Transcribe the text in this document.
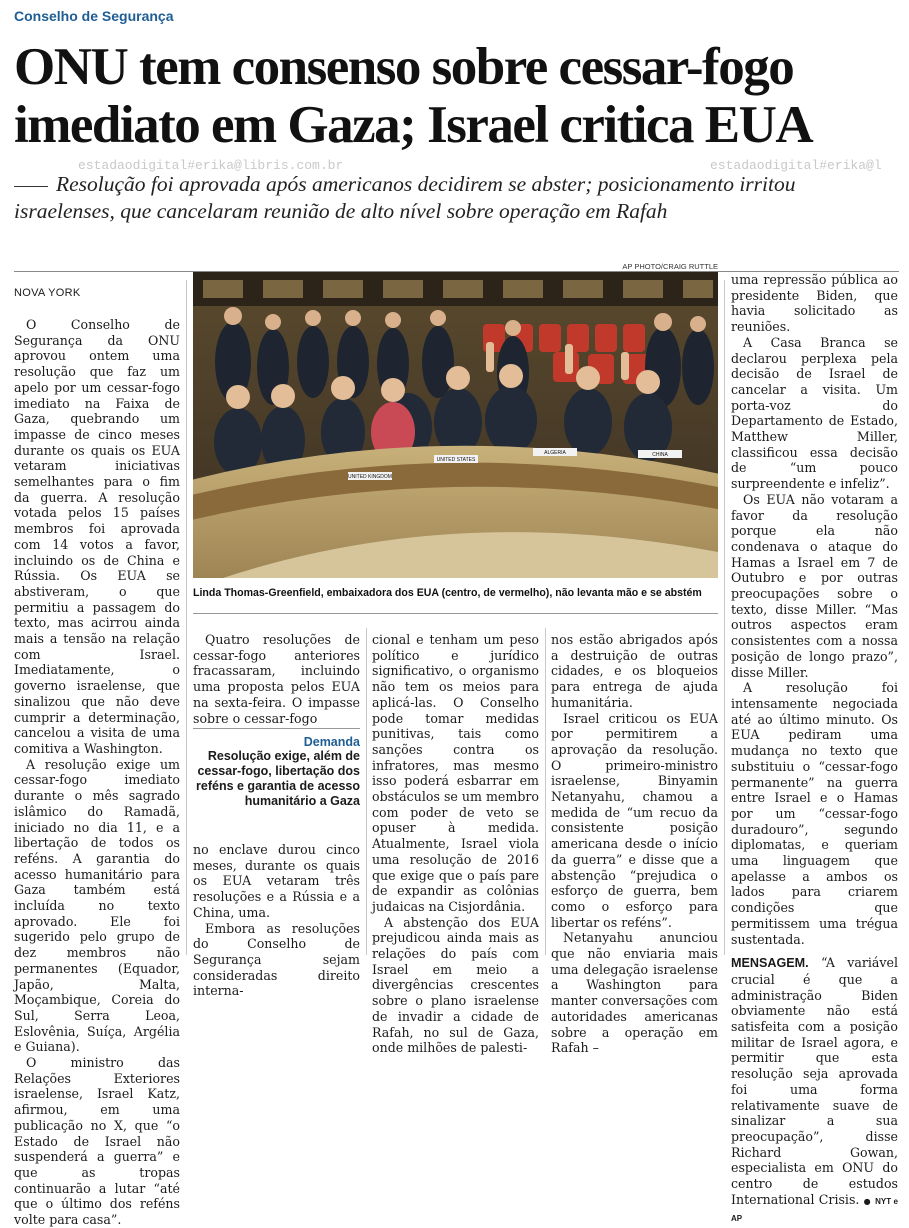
Conselho de Segurança
ONU tem consenso sobre cessar-fogo imediato em Gaza; Israel critica EUA
estadaodigital#erika@libris.com.br	estadaodigital#erika@l
Resolução foi aprovada após americanos decidirem se abster; posicionamento irritou israelenses, que cancelaram reunião de alto nível sobre operação em Rafah
NOVA YORK

O Conselho de Segurança da ONU aprovou ontem uma resolução que faz um apelo por um cessar-fogo imediato na Faixa de Gaza, quebrando um impasse de cinco meses durante os quais os EUA vetaram iniciativas semelhantes para o fim da guerra. A resolução votada pelos 15 países membros foi aprovada com 14 votos a favor, incluindo os de China e Rússia. Os EUA se abstiveram, o que permitiu a passagem do texto, mas acirrou ainda mais a tensão na relação com Israel. Imediatamente, o governo israelense, que sinalizou que não deve cumprir a determinação, cancelou a visita de uma comitiva a Washington.

A resolução exige um cessar-fogo imediato durante o mês sagrado islâmico do Ramadã, iniciado no dia 11, e a libertação de todos os reféns. A garantia do acesso humanitário para Gaza também está incluída no texto aprovado. Ele foi sugerido pelo grupo de dez membros não permanentes (Equador, Japão, Malta, Moçambique, Coreia do Sul, Serra Leoa, Eslovênia, Suíça, Argélia e Guiana).

O ministro das Relações Exteriores israelense, Israel Katz, afirmou, em uma publicação no X, que “o Estado de Israel não suspenderá a guerra” e que as tropas continuarão a lutar “até que o último dos reféns volte para casa”.

AP PHOTO/CRAIG RUTTLE
UNITED KINGDOM
UNITED STATES
ALGERIA	CHINA
Linda Thomas-Greenfield, embaixadora dos EUA (centro, de vermelho), não levanta mão e se abstém

Quatro resoluções de cessar-fogo anteriores fracassaram, incluindo uma proposta pelos EUA na sexta-feira. O impasse sobre o cessar-fogo

Demanda
Resolução exige, além de cessar-fogo, libertação dos reféns e garantia de acesso humanitário a Gaza

no enclave durou cinco meses, durante os quais os EUA vetaram três resoluções e a Rússia e a China, uma.

Embora as resoluções do Conselho de Segurança sejam consideradas direito interna-

cional e tenham um peso político e jurídico significativo, o organismo não tem os meios para aplicá-las. O Conselho pode tomar medidas punitivas, tais como sanções contra os infratores, mas mesmo isso poderá esbarrar em obstáculos se um membro com poder de veto se opuser à medida. Atualmente, Israel viola uma resolução de 2016 que exige que o país pare de expandir as colônias judaicas na Cisjordânia.

A abstenção dos EUA prejudicou ainda mais as relações do país com Israel em meio a divergências crescentes sobre o plano israelense de invadir a cidade de Rafah, no sul de Gaza, onde milhões de palesti-

nos estão abrigados após a destruição de outras cidades, e os bloqueios para entrega de ajuda humanitária.

Israel criticou os EUA por permitirem a aprovação da resolução. O primeiro-ministro israelense, Binyamin Netanyahu, chamou a medida de “um recuo da consistente posição americana desde o início da guerra” e disse que a abstenção “prejudica o esforço de guerra, bem como o esforço para libertar os reféns”.

Netanyahu anunciou que não enviaria mais uma delegação israelense a Washington para manter conversações com autoridades americanas sobre a operação em Rafah –

uma repressão pública ao presidente Biden, que havia solicitado as reuniões.

A Casa Branca se declarou perplexa pela decisão de Israel de cancelar a visita. Um porta-voz do Departamento de Estado, Matthew Miller, classificou essa decisão de “um pouco surpreendente e infeliz”.

Os EUA não votaram a favor da resolução porque ela não condenava o ataque do Hamas a Israel em 7 de Outubro e por outras preocupações sobre o texto, disse Miller. “Mas outros aspectos eram consistentes com a nossa posição de longo prazo”, disse Miller.

A resolução foi intensamente negociada até ao último minuto. Os EUA pediram uma mudança no texto que substituiu o “cessar-fogo permanente” na guerra entre Israel e o Hamas por um “cessar-fogo duradouro”, segundo diplomatas, e queriam uma linguagem que apelasse a ambos os lados para criarem condições que permitissem uma trégua sustentada.

MENSAGEM. “A variável crucial é que a administração Biden obviamente não está satisfeita com a posição militar de Israel agora, e permitir que esta resolução seja aprovada foi uma forma relativamente suave de sinalizar a sua preocupação”, disse Richard Gowan, especialista em ONU do centro de estudos International Crisis. ● NYT e AP
